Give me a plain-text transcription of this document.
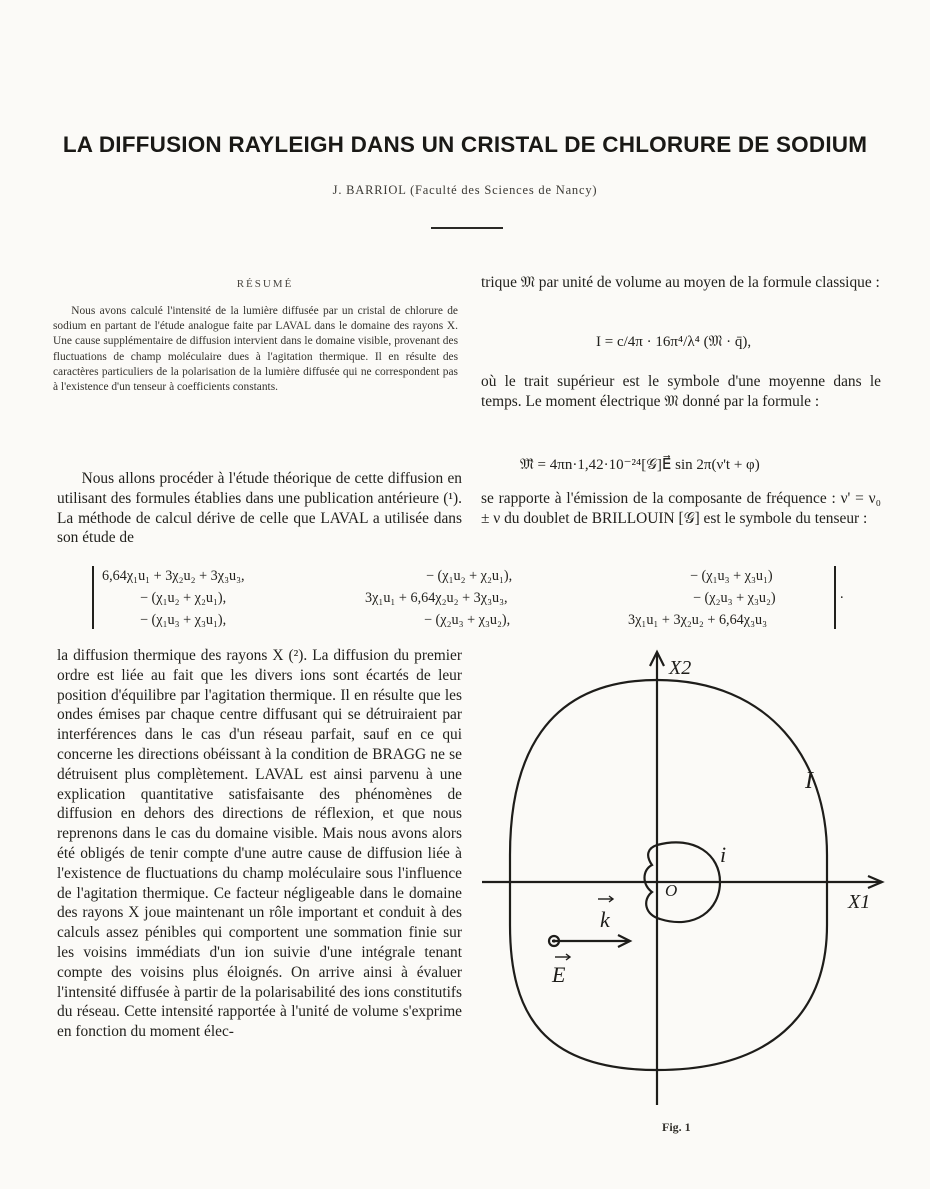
LA DIFFUSION RAYLEIGH DANS UN CRISTAL DE CHLORURE DE SODIUM
J. BARRIOL (Faculté des Sciences de Nancy)
RÉSUMÉ
Nous avons calculé l'intensité de la lumière diffusée par un cristal de chlorure de sodium en partant de l'étude analogue faite par LAVAL dans le domaine des rayons X. Une cause supplémentaire de diffusion intervient dans le domaine visible, provenant des fluctuations de champ moléculaire dues à l'agitation thermique. Il en résulte des caractères particuliers de la polarisation de la lumière diffusée qui ne correspondent pas à l'existence d'un tenseur à coefficients constants.
Nous allons procéder à l'étude théorique de cette diffusion en utilisant des formules établies dans une publication antérieure (¹). La méthode de calcul dérive de celle que LAVAL a utilisée dans son étude de
trique 𝔐 par unité de volume au moyen de la formule classique :
I = c/4π · 16π⁴/λ⁴ (𝔐 · q̄),
où le trait supérieur est le symbole d'une moyenne dans le temps. Le moment électrique 𝔐 donné par la formule :
𝔐⃗ = 4πn·1,42·10⁻²⁴[𝒢]E⃗ sin 2π(ν't + φ)
se rapporte à l'émission de la composante de fréquence : ν' = ν₀ ± ν du doublet de BRILLOUIN [𝒢] est le symbole du tenseur :
6,64χ₁u₁ + 3χ₂u₂ + 3χ₃u₃,	− (χ₁u₂ + χ₂u₁),	− (χ₁u₃ + χ₃u₁)
− (χ₁u₂ + χ₂u₁),	3χ₁u₁ + 6,64χ₂u₂ + 3χ₃u₃,	− (χ₂u₃ + χ₃u₂)
− (χ₁u₃ + χ₃u₁),	− (χ₂u₃ + χ₃u₂),	3χ₁u₁ + 3χ₂u₂ + 6,64χ₃u₃
.
la diffusion thermique des rayons X (²). La diffusion du premier ordre est liée au fait que les divers ions sont écartés de leur position d'équilibre par l'agitation thermique. Il en résulte que les ondes émises par chaque centre diffusant qui se détruiraient par interférences dans le cas d'un réseau parfait, sauf en ce qui concerne les directions obéissant à la condition de BRAGG ne se détruisent plus complètement. LAVAL est ainsi parvenu à une explication quantitative satisfaisante des phénomènes de diffusion en dehors des directions de réflexion, et que nous reprenons dans le cas du domaine visible. Mais nous avons alors été obligés de tenir compte d'une autre cause de diffusion liée à l'existence de fluctuations du champ moléculaire sous l'influence de l'agitation thermique. Ce facteur négligeable dans le domaine des rayons X joue maintenant un rôle important et conduit à des calculs assez pénibles qui comportent une sommation finie sur les voisins immédiats d'un ion suivie d'une intégrale tenant compte des voisins plus éloignés. On arrive ainsi à évaluer l'intensité diffusée à partir de la polarisabilité des ions constitutifs du réseau. Cette intensité rapportée à l'unité de volume s'exprime en fonction du moment élec-
X2
X1
I
i
O
k
E
Fig. 1
